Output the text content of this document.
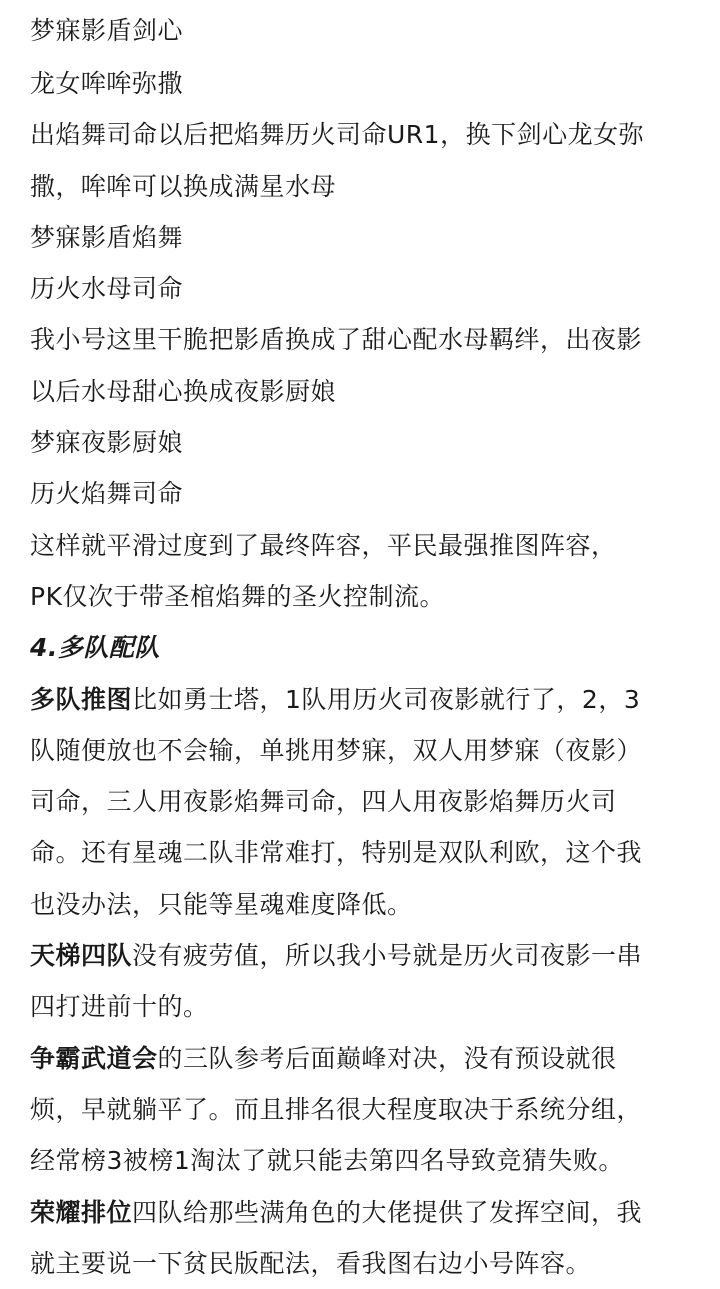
梦寐影盾剑心
龙女哞哞弥撒
出焰舞司命以后把焰舞历火司命UR1，换下剑心龙女弥
撒，哞哞可以换成满星水母
梦寐影盾焰舞
历火水母司命
我小号这里干脆把影盾换成了甜心配水母羁绊，出夜影
以后水母甜心换成夜影厨娘
梦寐夜影厨娘
历火焰舞司命
这样就平滑过度到了最终阵容，平民最强推图阵容，
PK仅次于带圣棺焰舞的圣火控制流。
4.多队配队
多队推图比如勇士塔，1队用历火司夜影就行了，2，3
队随便放也不会输，单挑用梦寐，双人用梦寐（夜影）
司命，三人用夜影焰舞司命，四人用夜影焰舞历火司
命。还有星魂二队非常难打，特别是双队利欧，这个我
也没办法，只能等星魂难度降低。
天梯四队没有疲劳值，所以我小号就是历火司夜影一串
四打进前十的。
争霸武道会的三队参考后面巅峰对决，没有预设就很
烦，早就躺平了。而且排名很大程度取决于系统分组，
经常榜3被榜1淘汰了就只能去第四名导致竞猜失败。
荣耀排位四队给那些满角色的大佬提供了发挥空间，我
就主要说一下贫民版配法，看我图右边小号阵容。
